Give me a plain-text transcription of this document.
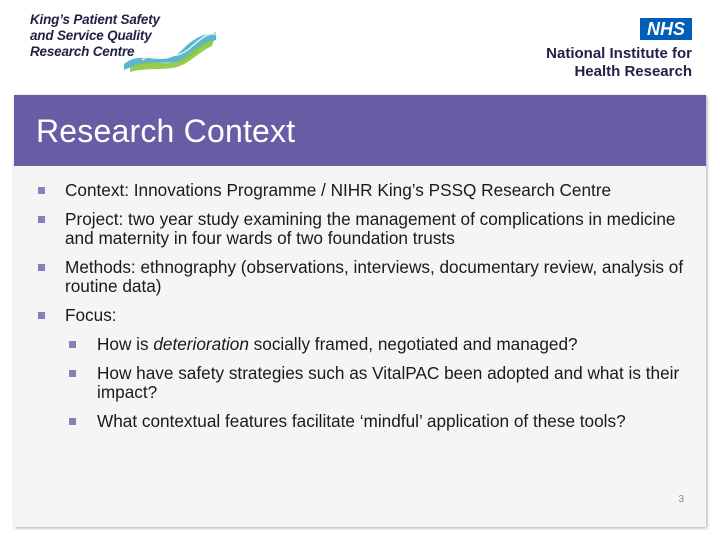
King’s Patient Safety
and Service Quality
Research Centre
NHS
National Institute for
Health Research
Research Context
Context: Innovations Programme / NIHR King’s PSSQ Research Centre
Project: two year study examining the management of complications in medicine and maternity in four wards of two foundation trusts
Methods: ethnography (observations, interviews, documentary review, analysis of routine data)
Focus:
How is deterioration socially framed, negotiated and managed?
How have safety strategies such as VitalPAC been adopted and what is their impact?
What contextual features facilitate ‘mindful’ application of these tools?
3
